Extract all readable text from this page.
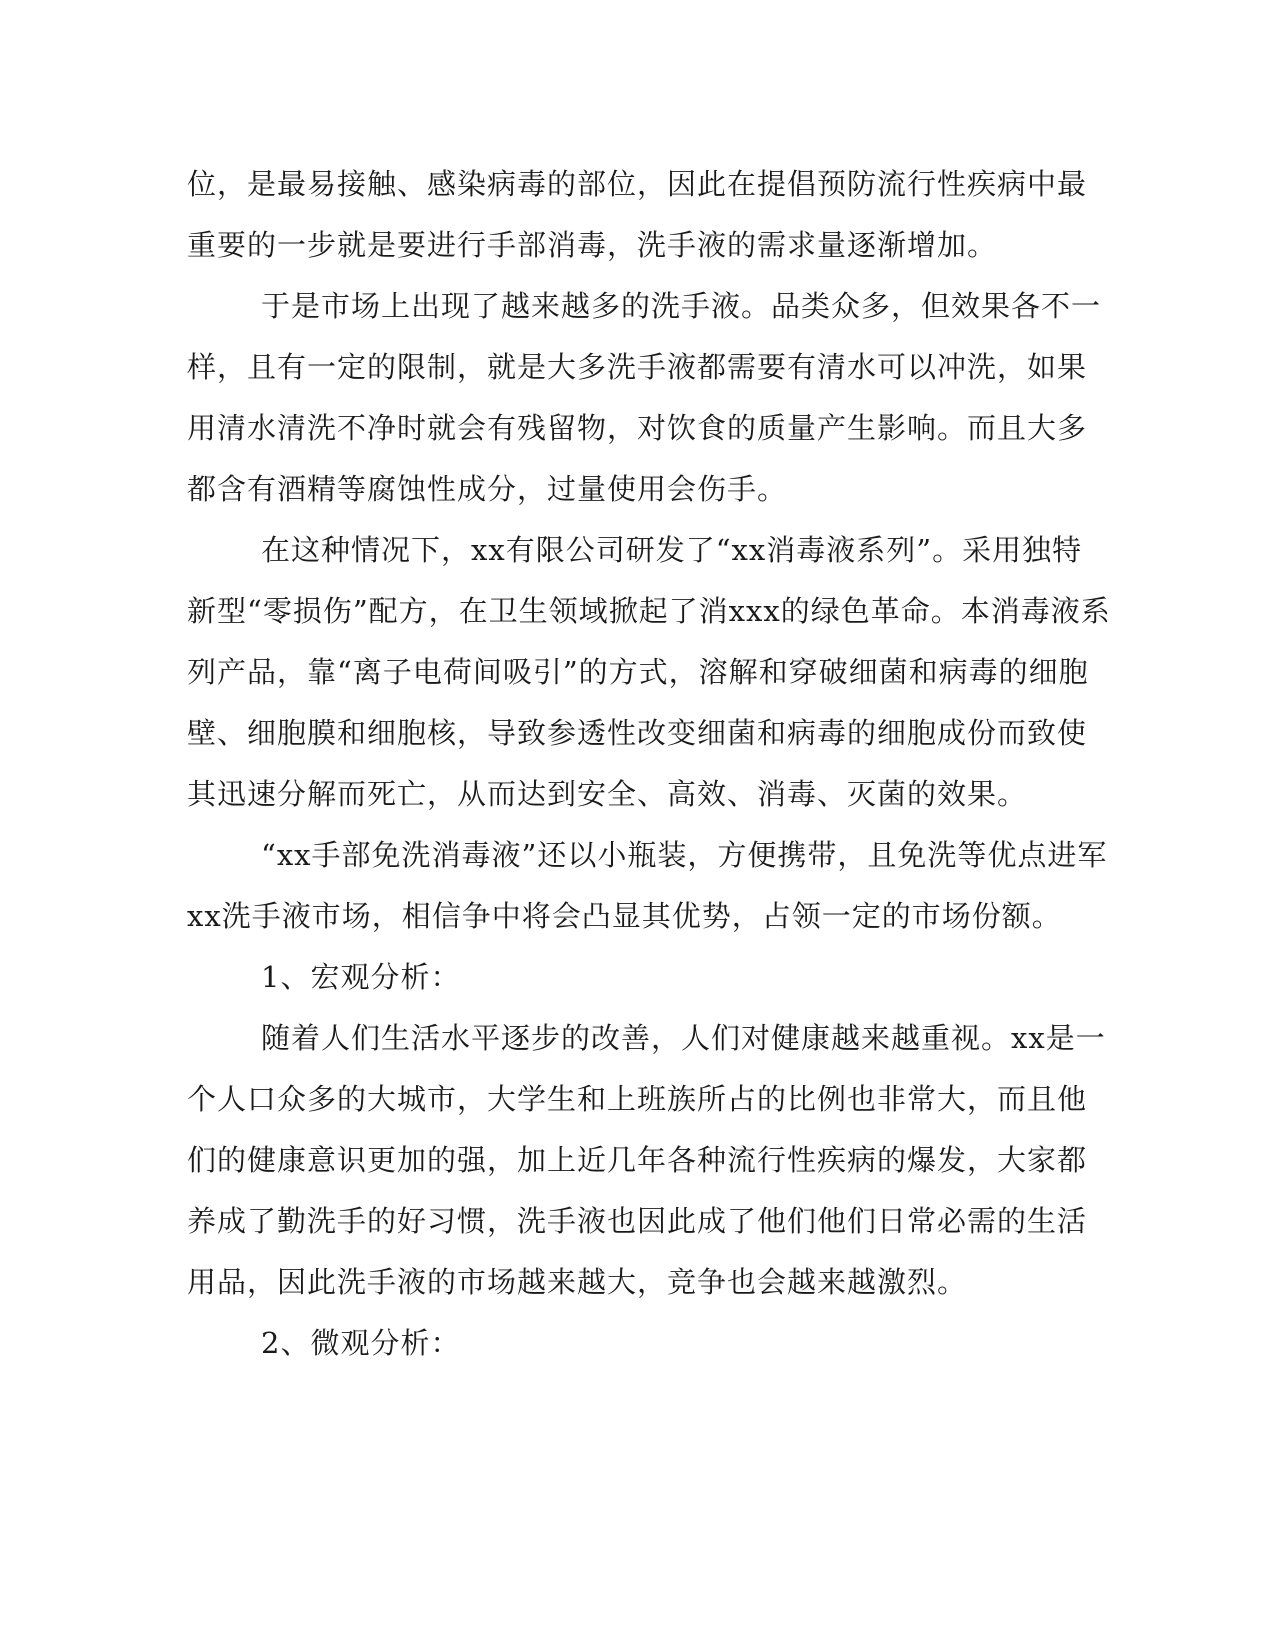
位，是最易接触、感染病毒的部位，因此在提倡预防流行性疾病中最
重要的一步就是要进行手部消毒，洗手液的需求量逐渐增加。
于是市场上出现了越来越多的洗手液。品类众多，但效果各不一
样，且有一定的限制，就是大多洗手液都需要有清水可以冲洗，如果
用清水清洗不净时就会有残留物，对饮食的质量产生影响。而且大多
都含有酒精等腐蚀性成分，过量使用会伤手。
在这种情况下，xx有限公司研发了“xx消毒液系列”。采用独特
新型“零损伤”配方，在卫生领域掀起了消xxx的绿色革命。本消毒液系
列产品，靠“离子电荷间吸引”的方式，溶解和穿破细菌和病毒的细胞
壁、细胞膜和细胞核，导致参透性改变细菌和病毒的细胞成份而致使
其迅速分解而死亡，从而达到安全、高效、消毒、灭菌的效果。
“xx手部免洗消毒液”还以小瓶装，方便携带，且免洗等优点进军
xx洗手液市场，相信争中将会凸显其优势，占领一定的市场份额。
1、宏观分析：
随着人们生活水平逐步的改善，人们对健康越来越重视。xx是一
个人口众多的大城市，大学生和上班族所占的比例也非常大，而且他
们的健康意识更加的强，加上近几年各种流行性疾病的爆发，大家都
养成了勤洗手的好习惯，洗手液也因此成了他们他们日常必需的生活
用品，因此洗手液的市场越来越大，竞争也会越来越激烈。
2、微观分析：
